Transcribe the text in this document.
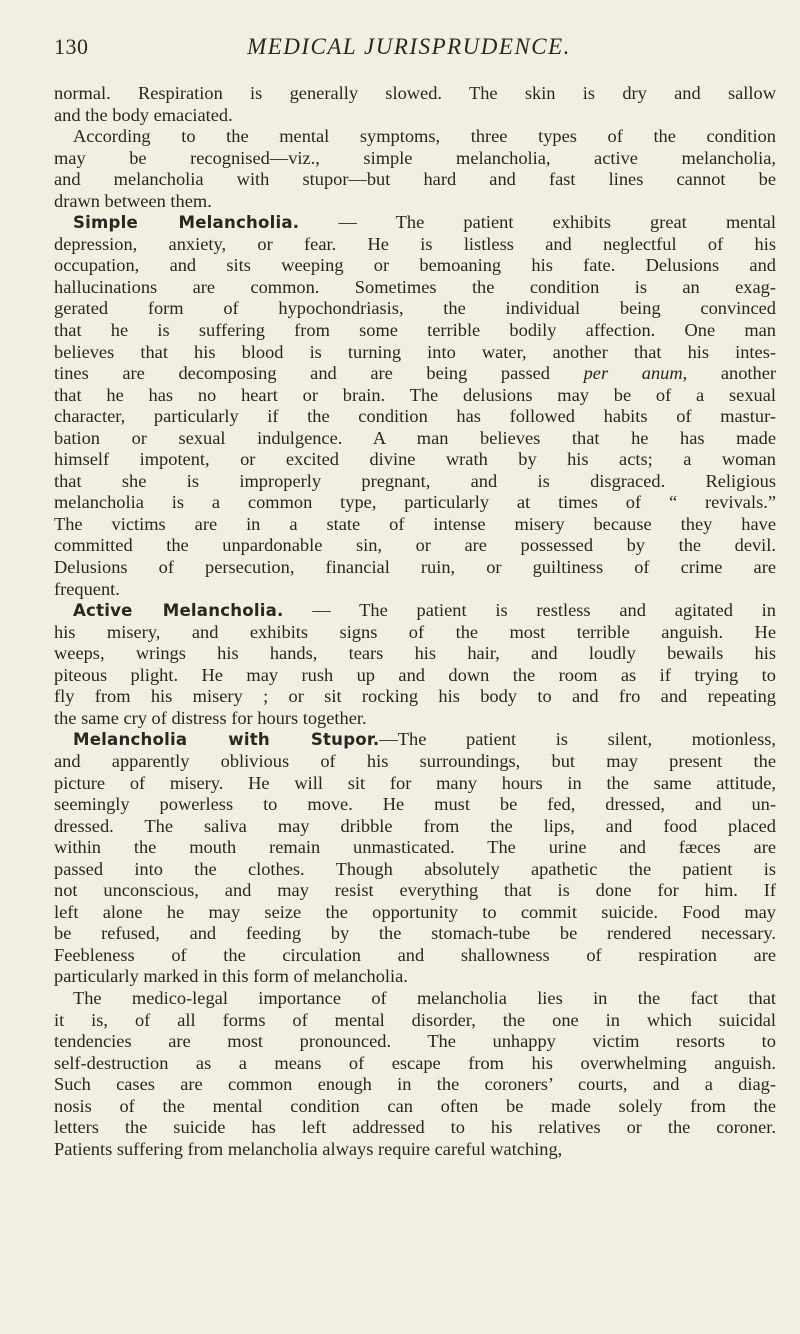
130	MEDICAL JURISPRUDENCE.
normal. Respiration is generally slowed. The skin is dry and sallow
and the body emaciated.
According to the mental symptoms, three types of the condition
may be recognised—viz., simple melancholia, active melancholia,
and melancholia with stupor—but hard and fast lines cannot be
drawn between them.
Simple Melancholia. — The patient exhibits great mental
depression, anxiety, or fear. He is listless and neglectful of his
occupation, and sits weeping or bemoaning his fate. Delusions and
hallucinations are common. Sometimes the condition is an exag-
gerated form of hypochondriasis, the individual being convinced
that he is suffering from some terrible bodily affection. One man
believes that his blood is turning into water, another that his intes-
tines are decomposing and are being passed per anum, another
that he has no heart or brain. The delusions may be of a sexual
character, particularly if the condition has followed habits of mastur-
bation or sexual indulgence. A man believes that he has made
himself impotent, or excited divine wrath by his acts; a woman
that she is improperly pregnant, and is disgraced. Religious
melancholia is a common type, particularly at times of “ revivals.”
The victims are in a state of intense misery because they have
committed the unpardonable sin, or are possessed by the devil.
Delusions of persecution, financial ruin, or guiltiness of crime are
frequent.
Active Melancholia. — The patient is restless and agitated in
his misery, and exhibits signs of the most terrible anguish. He
weeps, wrings his hands, tears his hair, and loudly bewails his
piteous plight. He may rush up and down the room as if trying to
fly from his misery ; or sit rocking his body to and fro and repeating
the same cry of distress for hours together.
Melancholia with Stupor.—The patient is silent, motionless,
and apparently oblivious of his surroundings, but may present the
picture of misery. He will sit for many hours in the same attitude,
seemingly powerless to move. He must be fed, dressed, and un-
dressed. The saliva may dribble from the lips, and food placed
within the mouth remain unmasticated. The urine and fæces are
passed into the clothes. Though absolutely apathetic the patient is
not unconscious, and may resist everything that is done for him. If
left alone he may seize the opportunity to commit suicide. Food may
be refused, and feeding by the stomach-tube be rendered necessary.
Feebleness of the circulation and shallowness of respiration are
particularly marked in this form of melancholia.
The medico-legal importance of melancholia lies in the fact that
it is, of all forms of mental disorder, the one in which suicidal
tendencies are most pronounced. The unhappy victim resorts to
self-destruction as a means of escape from his overwhelming anguish.
Such cases are common enough in the coroners’ courts, and a diag-
nosis of the mental condition can often be made solely from the
letters the suicide has left addressed to his relatives or the coroner.
Patients suffering from melancholia always require careful watching,
